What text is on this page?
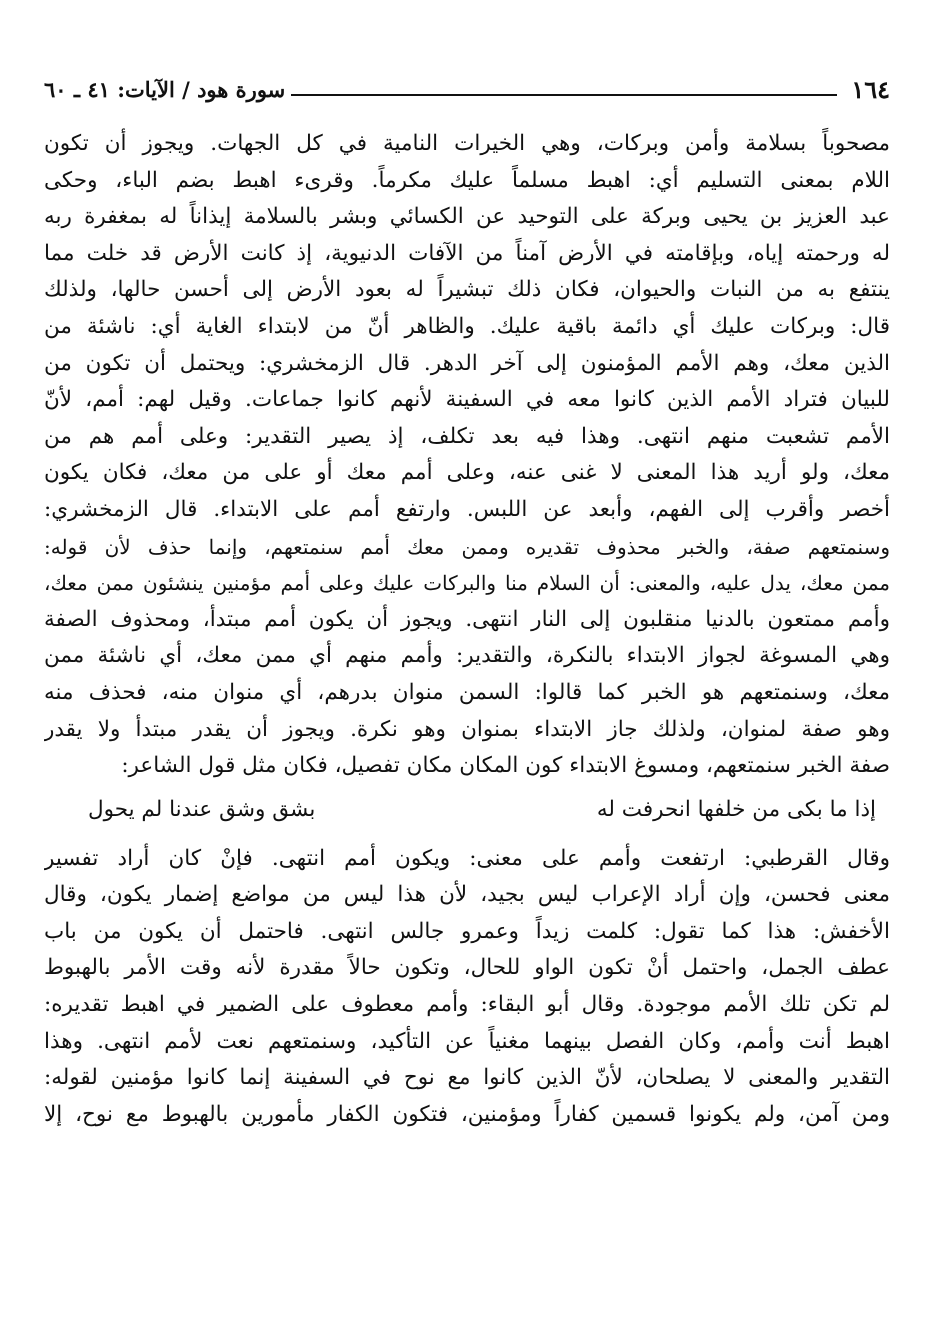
١٦٤
سورة هود / الآيات: ٤١ ـ ٦٠
مصحوباً بسلامة وأمن وبركات، وهي الخيرات النامية في كل الجهات. ويجوز أن تكون
اللام بمعنى التسليم أي: اهبط مسلماً عليك مكرماً. وقرىء اهبط بضم الباء، وحكى
عبد العزيز بن يحيى وبركة على التوحيد عن الكسائي وبشر بالسلامة إيذاناً له بمغفرة ربه
له ورحمته إياه، وبإقامته في الأرض آمناً من الآفات الدنيوية، إذ كانت الأرض قد خلت مما
ينتفع به من النبات والحيوان، فكان ذلك تبشيراً له بعود الأرض إلى أحسن حالها، ولذلك
قال: وبركات عليك أي دائمة باقية عليك. والظاهر أنّ من لابتداء الغاية أي: ناشئة من
الذين معك، وهم الأمم المؤمنون إلى آخر الدهر. قال الزمخشري: ويحتمل أن تكون من
للبيان فتراد الأمم الذين كانوا معه في السفينة لأنهم كانوا جماعات. وقيل لهم: أمم، لأنّ
الأمم تشعبت منهم انتهى. وهذا فيه بعد تكلف، إذ يصير التقدير: وعلى أمم هم من
معك، ولو أريد هذا المعنى لا غنى عنه، وعلى أمم معك أو على من معك، فكان يكون
أخصر وأقرب إلى الفهم، وأبعد عن اللبس. وارتفع أمم على الابتداء. قال الزمخشري:
وسنمتعهم صفة، والخبر محذوف تقديره وممن معك أمم سنمتعهم، وإنما حذف لأن قوله:
ممن معك، يدل عليه، والمعنى: أن السلام منا والبركات عليك وعلى أمم مؤمنين ينشئون ممن معك،
وأمم ممتعون بالدنيا منقلبون إلى النار انتهى. ويجوز أن يكون أمم مبتدأ، ومحذوف الصفة
وهي المسوغة لجواز الابتداء بالنكرة، والتقدير: وأمم منهم أي ممن معك، أي ناشئة ممن
معك، وسنمتعهم هو الخبر كما قالوا: السمن منوان بدرهم، أي منوان منه، فحذف منه
وهو صفة لمنوان، ولذلك جاز الابتداء بمنوان وهو نكرة. ويجوز أن يقدر مبتدأ ولا يقدر
صفة الخبر سنمتعهم، ومسوغ الابتداء كون المكان مكان تفصيل، فكان مثل قول الشاعر:
إذا ما بكى من خلفها انحرفت له
بشق وشق عندنا لم يحول
وقال القرطبي: ارتفعت وأمم على معنى: ويكون أمم انتهى. فإنْ كان أراد تفسير
معنى فحسن، وإن أراد الإعراب ليس بجيد، لأن هذا ليس من مواضع إضمار يكون، وقال
الأخفش: هذا كما تقول: كلمت زيداً وعمرو جالس انتهى. فاحتمل أن يكون من باب
عطف الجمل، واحتمل أنْ تكون الواو للحال، وتكون حالاً مقدرة لأنه وقت الأمر بالهبوط
لم تكن تلك الأمم موجودة. وقال أبو البقاء: وأمم معطوف على الضمير في اهبط تقديره:
اهبط أنت وأمم، وكان الفصل بينهما مغنياً عن التأكيد، وسنمتعهم نعت لأمم انتهى. وهذا
التقدير والمعنى لا يصلحان، لأنّ الذين كانوا مع نوح في السفينة إنما كانوا مؤمنين لقوله:
ومن آمن، ولم يكونوا قسمين كفاراً ومؤمنين، فتكون الكفار مأمورين بالهبوط مع نوح، إلا
